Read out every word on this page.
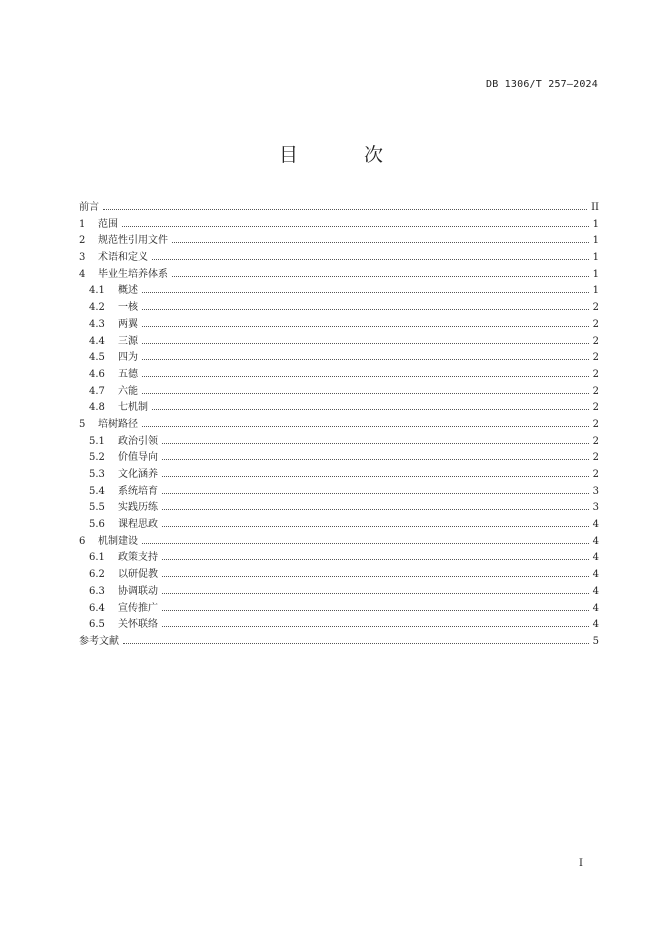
DB 1306/T 257—2024
目 次
前言	II
1	范围	1
2	规范性引用文件	1
3	术语和定义	1
4	毕业生培养体系	1
4.1	概述	1
4.2	一核	2
4.3	两翼	2
4.4	三源	2
4.5	四为	2
4.6	五德	2
4.7	六能	2
4.8	七机制	2
5	培树路径	2
5.1	政治引领	2
5.2	价值导向	2
5.3	文化涵养	2
5.4	系统培育	3
5.5	实践历练	3
5.6	课程思政	4
6	机制建设	4
6.1	政策支持	4
6.2	以研促教	4
6.3	协调联动	4
6.4	宣传推广	4
6.5	关怀联络	4
参考文献	5
I
